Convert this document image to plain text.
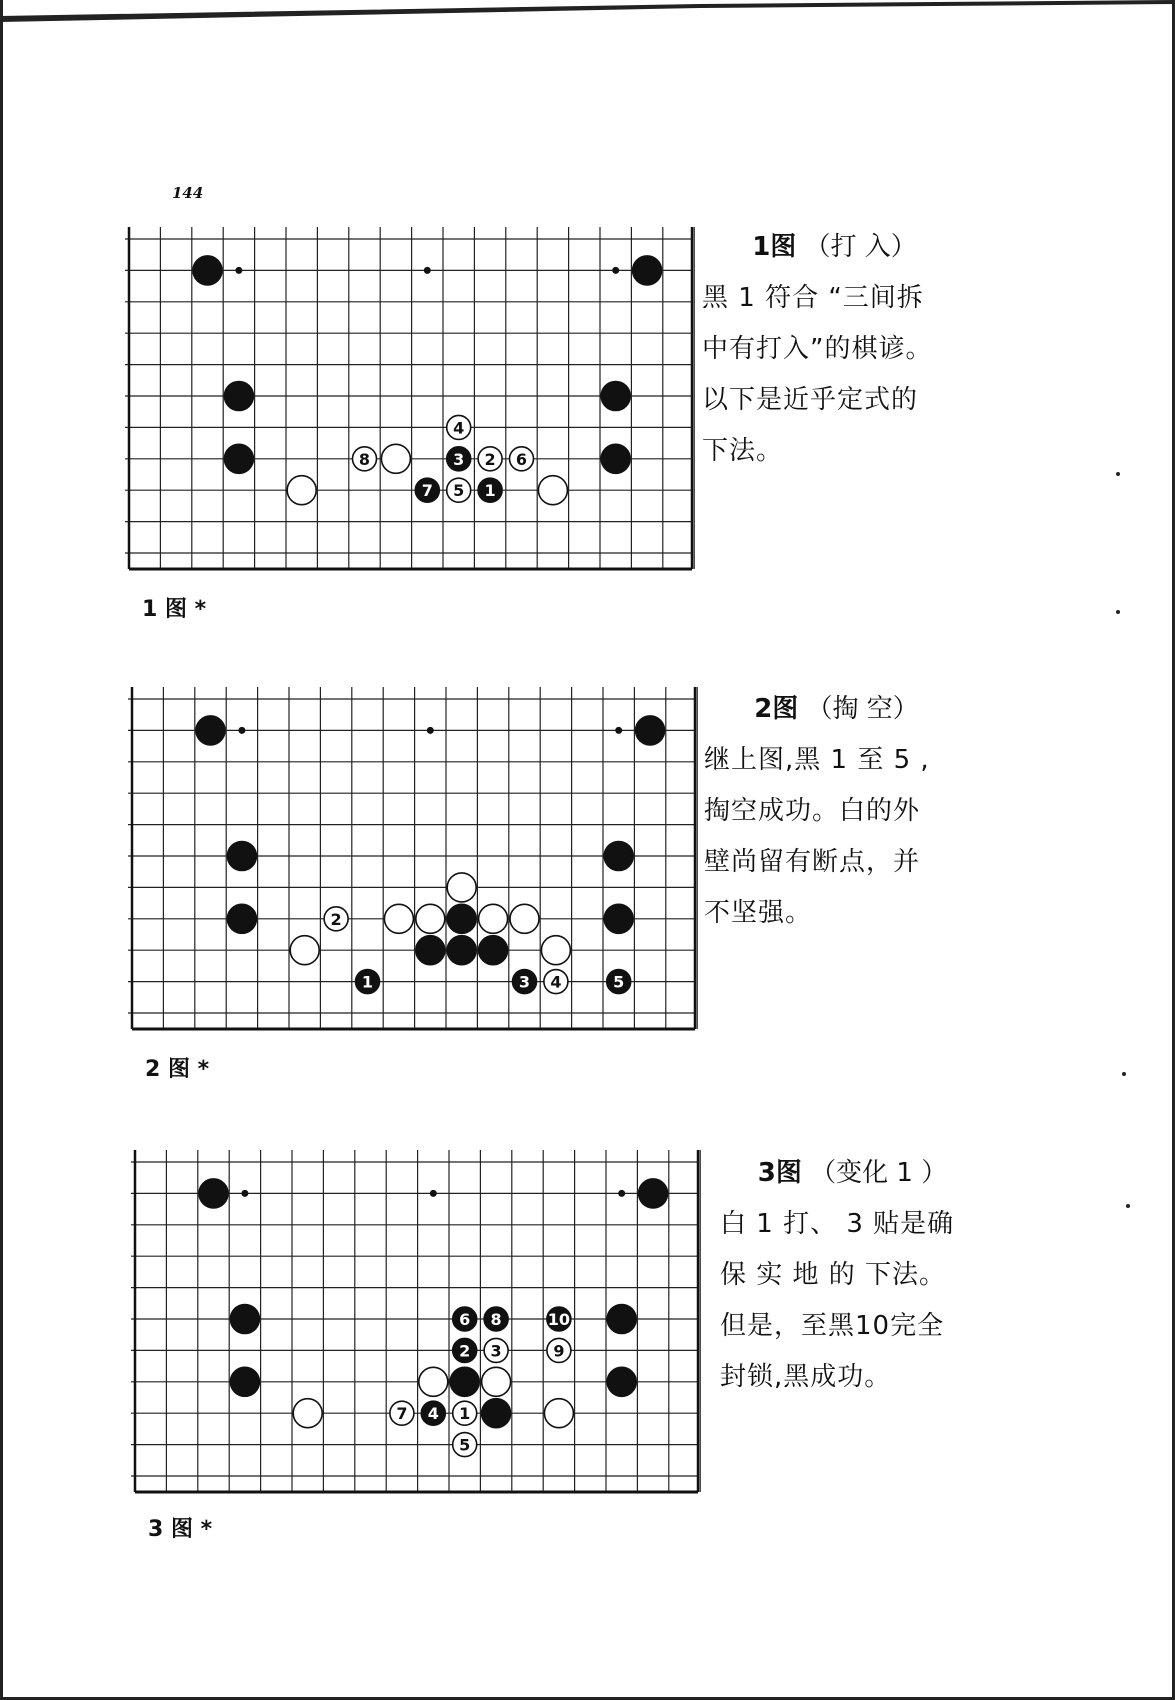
144
1
2
3
4
5
6
7
8
1 图 *
1图 （打 入）
黑 1 符合 “三间拆
中有打入”的棋谚。
以下是近乎定式的
下法。
1
2
3 4	5
2 图 *
2图 （掏 空）
继上图,黑 1 至 5 ,
掏空成功。白的外
壁尚留有断点，并
不坚强。
1
2 3
4
5
6
7
8
9
10
3 图 *
3图 （变化 1 ）
白 1 打、 3 贴是确
保 实 地 的 下法。
但是，至黑10完全
封锁,黑成功。
